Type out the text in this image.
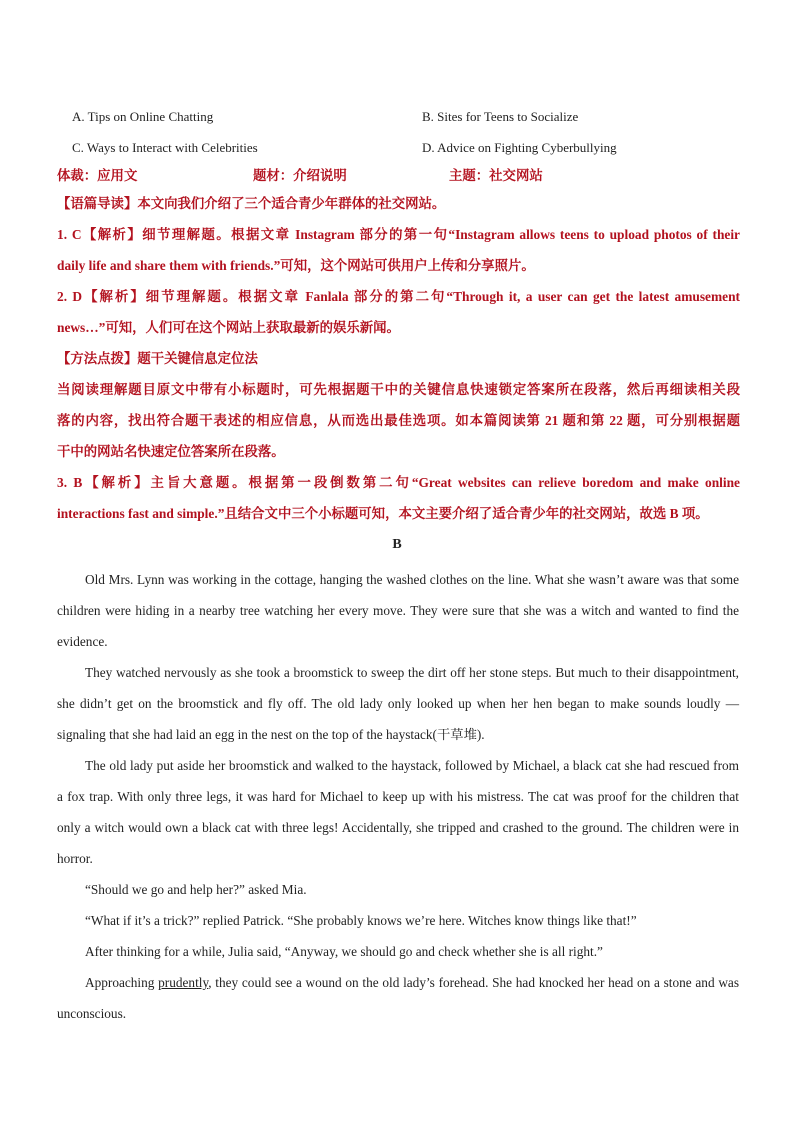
A. Tips on Online Chatting	B. Sites for Teens to Socialize
C. Ways to Interact with Celebrities	D. Advice on Fighting Cyberbullying
体裁：应用文	题材：介绍说明	主题：社交网站

【语篇导读】本文向我们介绍了三个适合青少年群体的社交网站。

1. C【解析】细节理解题。根据文章 Instagram 部分的第一句“Instagram allows teens to upload photos of their

daily life and share them with friends.”可知，这个网站可供用户上传和分享照片。

2. D【解析】细节理解题。根据文章 Fanlala 部分的第二句“Through it, a user can get the latest amusement

news…”可知，人们可在这个网站上获取最新的娱乐新闻。

【方法点拨】题干关键信息定位法

当阅读理解题目原文中带有小标题时，可先根据题干中的关键信息快速锁定答案所在段落，然后再细读相关段

落的内容，找出符合题干表述的相应信息，从而选出最佳选项。如本篇阅读第 21 题和第 22 题，可分别根据题

干中的网站名快速定位答案所在段落。

3. B【解析】主旨大意题。根据第一段倒数第二句“Great websites can relieve boredom and make online

interactions fast and simple.”且结合文中三个小标题可知，本文主要介绍了适合青少年的社交网站，故选 B 项。

B

Old Mrs. Lynn was working in the cottage, hanging the washed clothes on the line. What she wasn’t aware was that some children were hiding in a nearby tree watching her every move. They were sure that she was a witch and wanted to find the evidence.

They watched nervously as she took a broomstick to sweep the dirt off her stone steps. But much to their disappointment, she didn’t get on the broomstick and fly off. The old lady only looked up when her hen began to make sounds loudly —signaling that she had laid an egg in the nest on the top of the haystack(干草堆).

The old lady put aside her broomstick and walked to the haystack, followed by Michael, a black cat she had rescued from a fox trap. With only three legs, it was hard for Michael to keep up with his mistress. The cat was proof for the children that only a witch would own a black cat with three legs! Accidentally, she tripped and crashed to the ground. The children were in horror.

“Should we go and help her?” asked Mia.

“What if it’s a trick?” replied Patrick. “She probably knows we’re here. Witches know things like that!”

After thinking for a while, Julia said, “Anyway, we should go and check whether she is all right.”

Approaching prudently, they could see a wound on the old lady’s forehead. She had knocked her head on a stone and was unconscious.
